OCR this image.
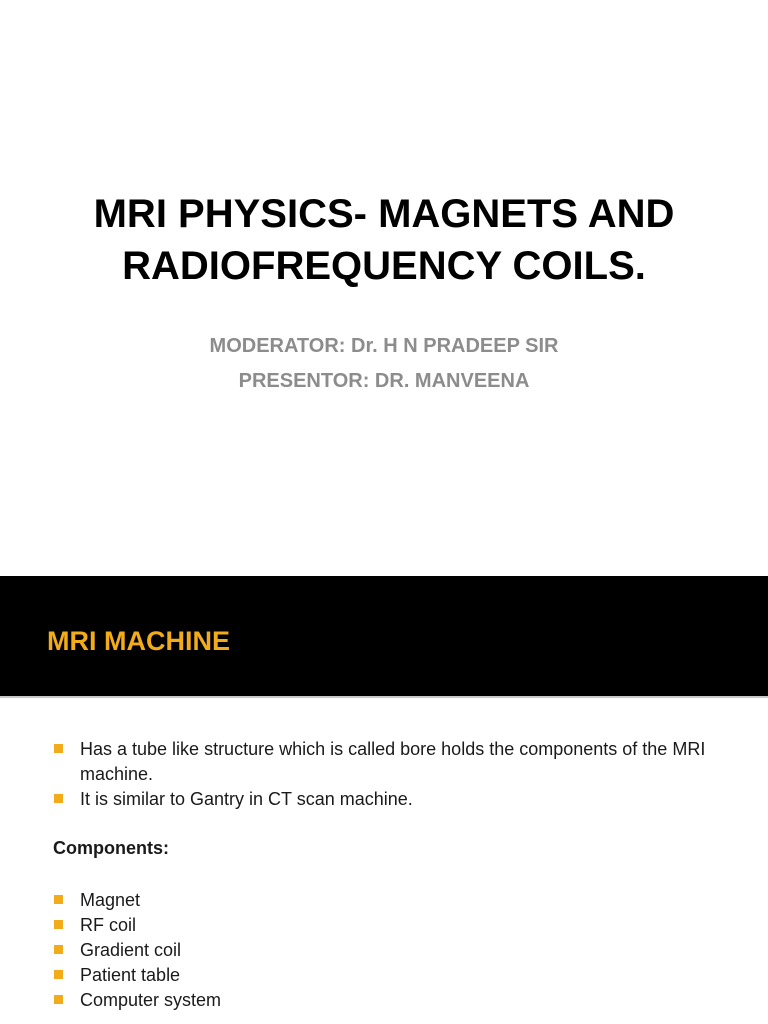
MRI PHYSICS- MAGNETS AND
RADIOFREQUENCY COILS.
MODERATOR: Dr. H N PRADEEP SIR
PRESENTOR: DR. MANVEENA
MRI MACHINE
Has a tube like structure which is called bore holds the components of the MRI machine.
It is similar to Gantry in CT scan machine.
Components:
Magnet
RF coil
Gradient coil
Patient table
Computer system
